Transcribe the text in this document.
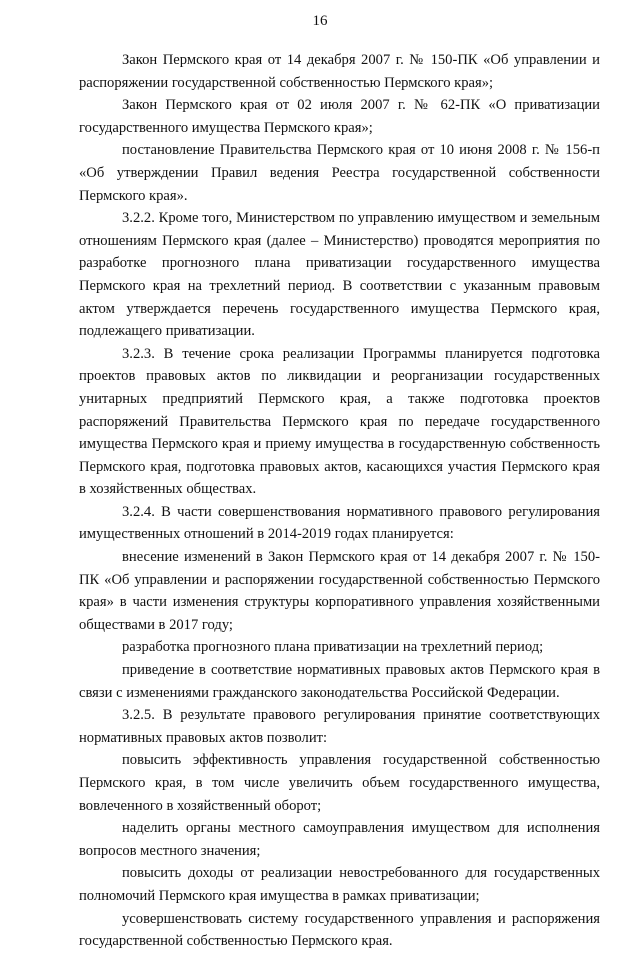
16

Закон Пермского края от 14 декабря 2007 г. № 150-ПК «Об управлении и распоряжении государственной собственностью Пермского края»;

Закон Пермского края от 02 июля 2007 г. № 62-ПК «О приватизации государственного имущества Пермского края»;

постановление Правительства Пермского края от 10 июня 2008 г. № 156-п «Об утверждении Правил ведения Реестра государственной собственности Пермского края».

3.2.2. Кроме того, Министерством по управлению имуществом и земельным отношениям Пермского края (далее – Министерство) проводятся мероприятия по разработке прогнозного плана приватизации государственного имущества Пермского края на трехлетний период. В соответствии с указанным правовым актом утверждается перечень государственного имущества Пермского края, подлежащего приватизации.

3.2.3. В течение срока реализации Программы планируется подготовка проектов правовых актов по ликвидации и реорганизации государственных унитарных предприятий Пермского края, а также подготовка проектов распоряжений Правительства Пермского края по передаче государственного имущества Пермского края и приему имущества в государственную собственность Пермского края, подготовка правовых актов, касающихся участия Пермского края в хозяйственных обществах.

3.2.4. В части совершенствования нормативного правового регулирования имущественных отношений в 2014-2019 годах планируется:

внесение изменений в Закон Пермского края от 14 декабря 2007 г. № 150-ПК «Об управлении и распоряжении государственной собственностью Пермского края» в части изменения структуры корпоративного управления хозяйственными обществами в 2017 году;

разработка прогнозного плана приватизации на трехлетний период;

приведение в соответствие нормативных правовых актов Пермского края в связи с изменениями гражданского законодательства Российской Федерации.

3.2.5. В результате правового регулирования принятие соответствующих нормативных правовых актов позволит:

повысить эффективность управления государственной собственностью Пермского края, в том числе увеличить объем государственного имущества, вовлеченного в хозяйственный оборот;

наделить органы местного самоуправления имуществом для исполнения вопросов местного значения;

повысить доходы от реализации невостребованного для государственных полномочий Пермского края имущества в рамках приватизации;

усовершенствовать систему государственного управления и распоряжения государственной собственностью Пермского края.
